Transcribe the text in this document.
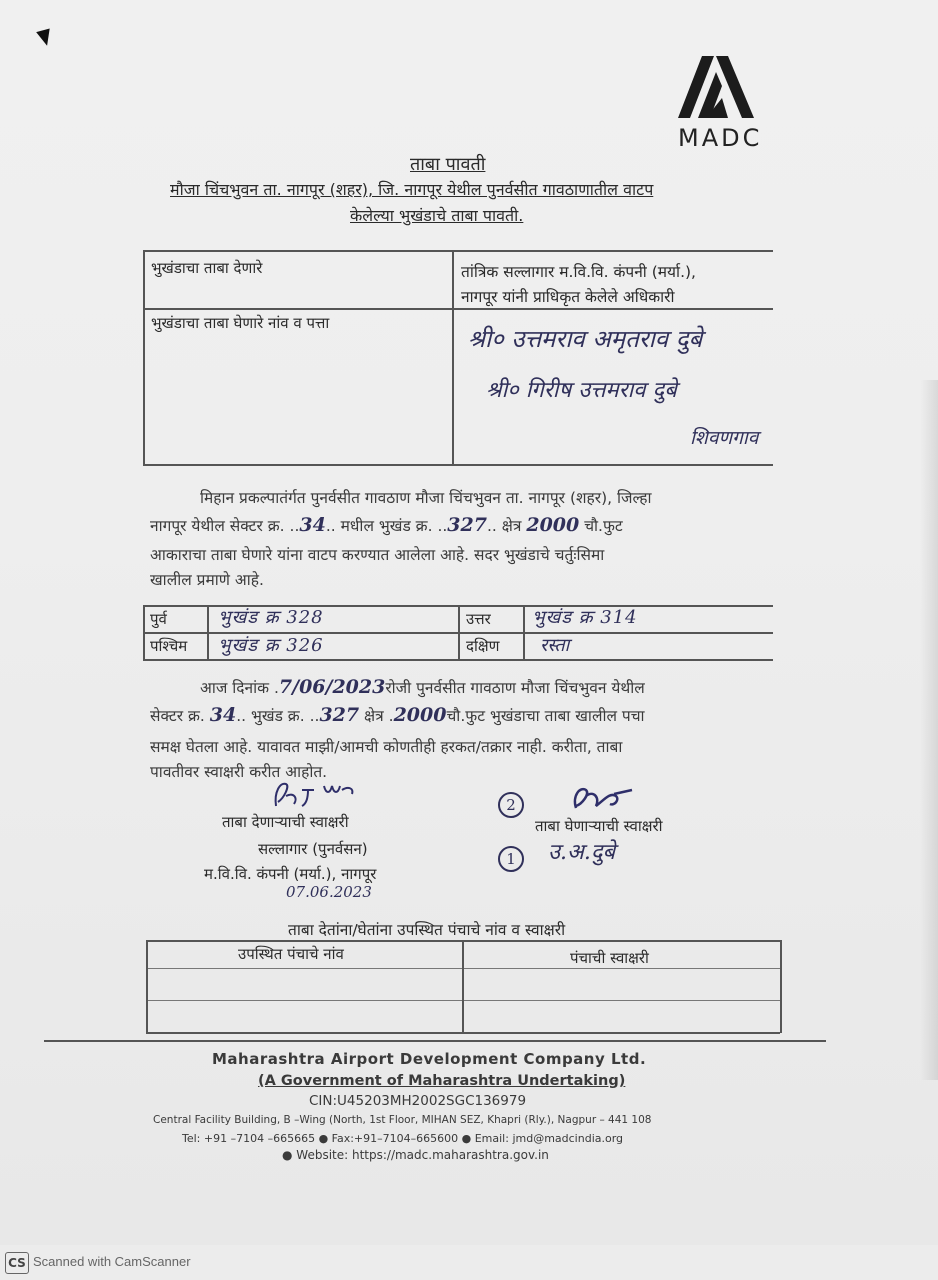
MADC
ताबा पावती
मौजा चिंचभुवन ता. नागपूर (शहर), जि. नागपूर येथील पुनर्वसीत गावठाणातील वाटप
केलेल्या भुखंडाचे ताबा पावती.
भुखंडाचा ताबा देणारे	तांत्रिक सल्लागार म.वि.वि. कंपनी (मर्या.),
नागपूर यांनी प्राधिकृत केलेले अधिकारी
भुखंडाचा ताबा घेणारे नांव व पत्ता
श्री० उत्तमराव अमृतराव दुबे
श्री० गिरीष उत्तमराव दुबे
शिवणगाव
मिहान प्रकल्पातंर्गत पुनर्वसीत गावठाण मौजा चिंचभुवन ता. नागपूर (शहर), जिल्हा
नागपूर येथील सेक्टर क्र. ..34.. मधील भुखंड क्र. ..327.. क्षेत्र 2000 चौ.फुट
आकाराचा ताबा घेणारे यांना वाटप करण्यात आलेला आहे. सदर भुखंडाचे चर्तुःसिमा
खालील प्रमाणे आहे.
पुर्व	भुखंड क्र 328	उत्तर भुखंड क्र 314
पश्चिम भुखंड क्र 326	दक्षिण रस्ता
आज दिनांक .7/06/2023रोजी पुनर्वसीत गावठाण मौजा चिंचभुवन येथील
सेक्टर क्र. 34.. भुखंड क्र. ..327 क्षेत्र .2000चौ.फुट भुखंडाचा ताबा खालील पचा
समक्ष घेतला आहे. यावावत माझी/आमची कोणतीही हरकत/तक्रार नाही. करीता, ताबा
पावतीवर स्वाक्षरी करीत आहोत.
ताबा देणाऱ्याची स्वाक्षरी
सल्लागार (पुनर्वसन)
म.वि.वि. कंपनी (मर्या.), नागपूर
07.06.2023
2
ताबा घेणाऱ्याची स्वाक्षरी
1	उ.अ.दुबे
ताबा देतांना/घेतांना उपस्थित पंचाचे नांव व स्वाक्षरी
उपस्थित पंचाचे नांव	पंचाची स्वाक्षरी
Maharashtra Airport Development Company Ltd.
(A Government of Maharashtra Undertaking)
CIN:U45203MH2002SGC136979
Central Facility Building, B –Wing (North, 1st Floor, MIHAN SEZ, Khapri (Rly.), Nagpur – 441 108
Tel: +91 –7104 –665665 ● Fax:+91–7104–665600 ● Email: jmd@madcindia.org
● Website: https://madc.maharashtra.gov.in
CS Scanned with CamScanner
